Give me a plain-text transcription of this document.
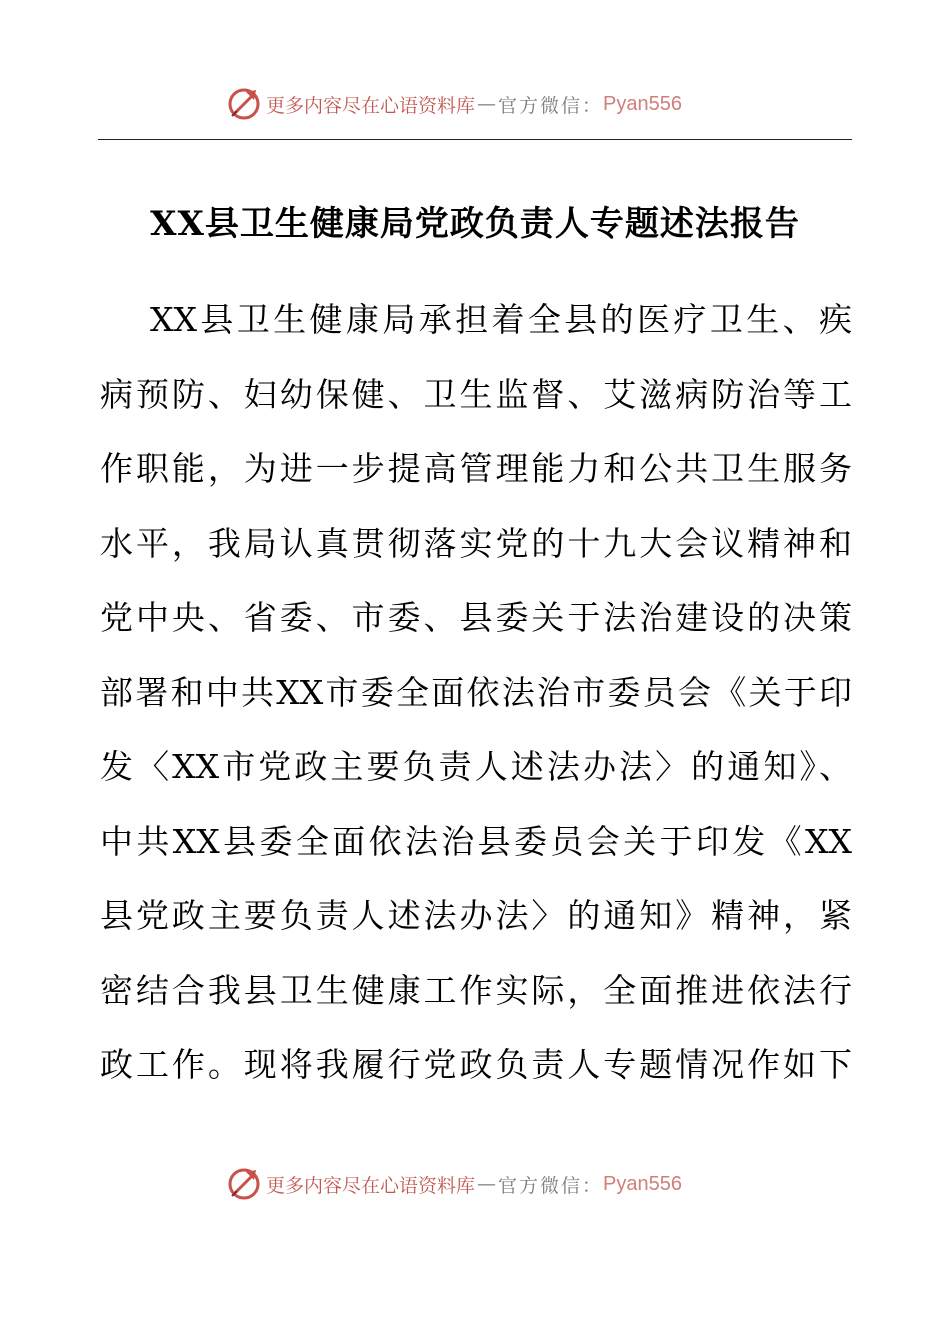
更多内容尽在心语资料库 — 官方微信： Pyan556
XX县卫生健康局党政负责人专题述法报告
XX县卫生健康局承担着全县的医疗卫生、疾
病预防、妇幼保健、卫生监督、艾滋病防治等工
作职能，为进一步提高管理能力和公共卫生服务
水平，我局认真贯彻落实党的十九大会议精神和
党中央、省委、市委、县委关于法治建设的决策
部署和中共XX市委全面依法治市委员会《关于印
发〈XX市党政主要负责人述法办法〉的通知》、
中共XX县委全面依法治县委员会关于印发《XX
县党政主要负责人述法办法〉的通知》精神，紧
密结合我县卫生健康工作实际，全面推进依法行
政工作。现将我履行党政负责人专题情况作如下
更多内容尽在心语资料库 — 官方微信： Pyan556
